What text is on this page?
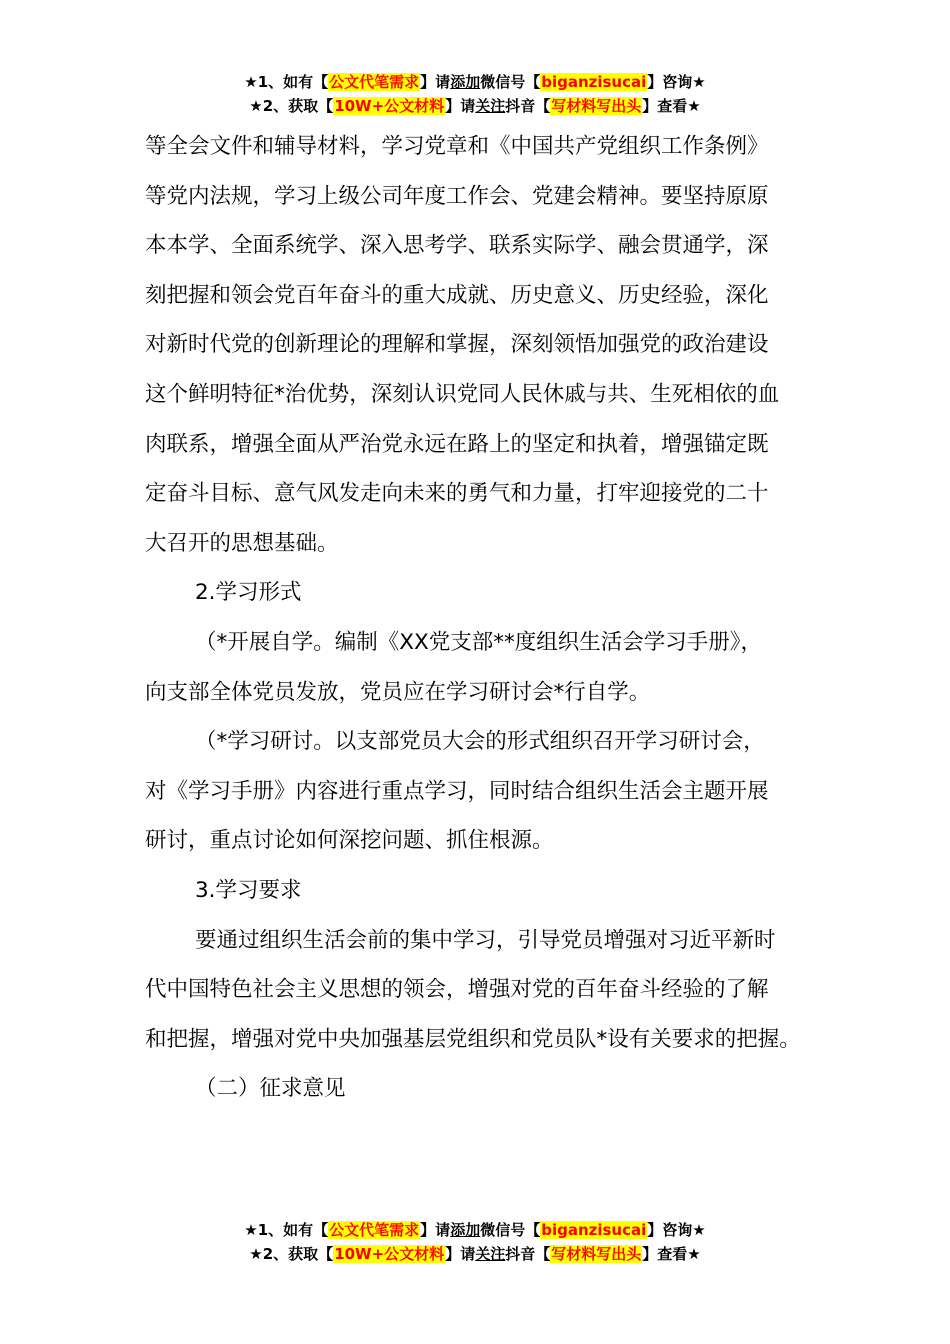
★1、如有【公文代笔需求】请添加微信号【biganzisucai】咨询★
★2、获取【10W+公文材料】请关注抖音【写材料写出头】查看★
等全会文件和辅导材料，学习党章和《中国共产党组织工作条例》
等党内法规，学习上级公司年度工作会、党建会精神。要坚持原原
本本学、全面系统学、深入思考学、联系实际学、融会贯通学，深
刻把握和领会党百年奋斗的重大成就、历史意义、历史经验，深化
对新时代党的创新理论的理解和掌握，深刻领悟加强党的政治建设
这个鲜明特征*治优势，深刻认识党同人民休戚与共、生死相依的血
肉联系，增强全面从严治党永远在路上的坚定和执着，增强锚定既
定奋斗目标、意气风发走向未来的勇气和力量，打牢迎接党的二十
大召开的思想基础。
2.学习形式
（*开展自学。编制《XX党支部**度组织生活会学习手册》，
向支部全体党员发放，党员应在学习研讨会*行自学。
（*学习研讨。以支部党员大会的形式组织召开学习研讨会，
对《学习手册》内容进行重点学习，同时结合组织生活会主题开展
研讨，重点讨论如何深挖问题、抓住根源。
3.学习要求
要通过组织生活会前的集中学习，引导党员增强对习近平新时
代中国特色社会主义思想的领会，增强对党的百年奋斗经验的了解
和把握，增强对党中央加强基层党组织和党员队*设有关要求的把握。
（二）征求意见
★1、如有【公文代笔需求】请添加微信号【biganzisucai】咨询★
★2、获取【10W+公文材料】请关注抖音【写材料写出头】查看★
